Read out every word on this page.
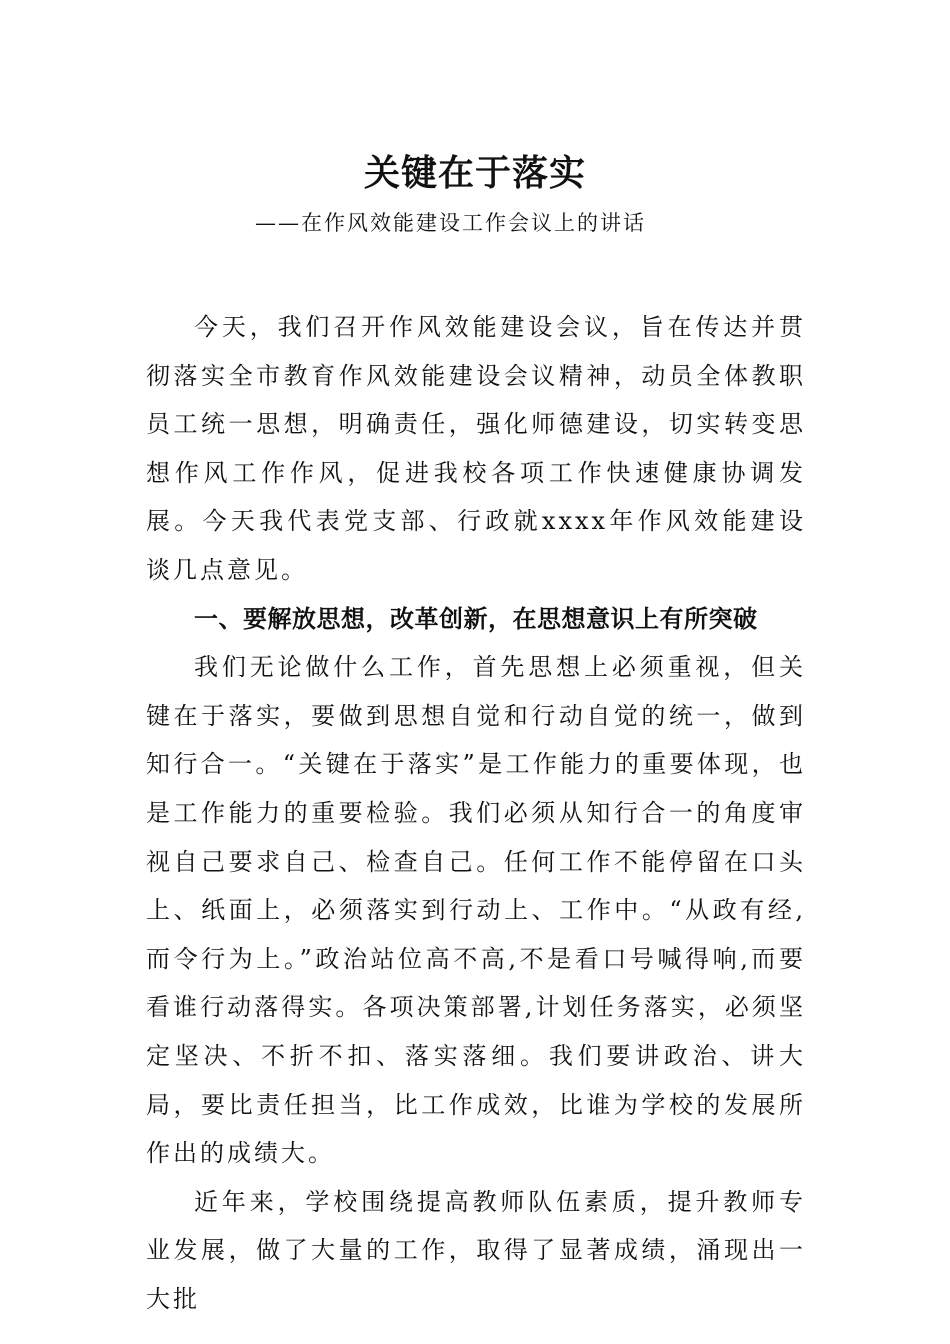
关键在于落实

——在作风效能建设工作会议上的讲话

今天，我们召开作风效能建设会议，旨在传达并贯彻落实全市教育作风效能建设会议精神，动员全体教职员工统一思想，明确责任，强化师德建设，切实转变思想作风工作作风，促进我校各项工作快速健康协调发展。今天我代表党支部、行政就xxxx年作风效能建设谈几点意见。

一、要解放思想，改革创新，在思想意识上有所突破

我们无论做什么工作，首先思想上必须重视，但关键在于落实，要做到思想自觉和行动自觉的统一，做到知行合一。“关键在于落实”是工作能力的重要体现，也是工作能力的重要检验。我们必须从知行合一的角度审视自己要求自己、检查自己。任何工作不能停留在口头上、纸面上，必须落实到行动上、工作中。“从政有经,而令行为上。”政治站位高不高,不是看口号喊得响,而要看谁行动落得实。各项决策部署,计划任务落实，必须坚定坚决、不折不扣、落实落细。我们要讲政治、讲大局，要比责任担当，比工作成效，比谁为学校的发展所作出的成绩大。

近年来，学校围绕提高教师队伍素质，提升教师专业发展，做了大量的工作，取得了显著成绩，涌现出一大批
